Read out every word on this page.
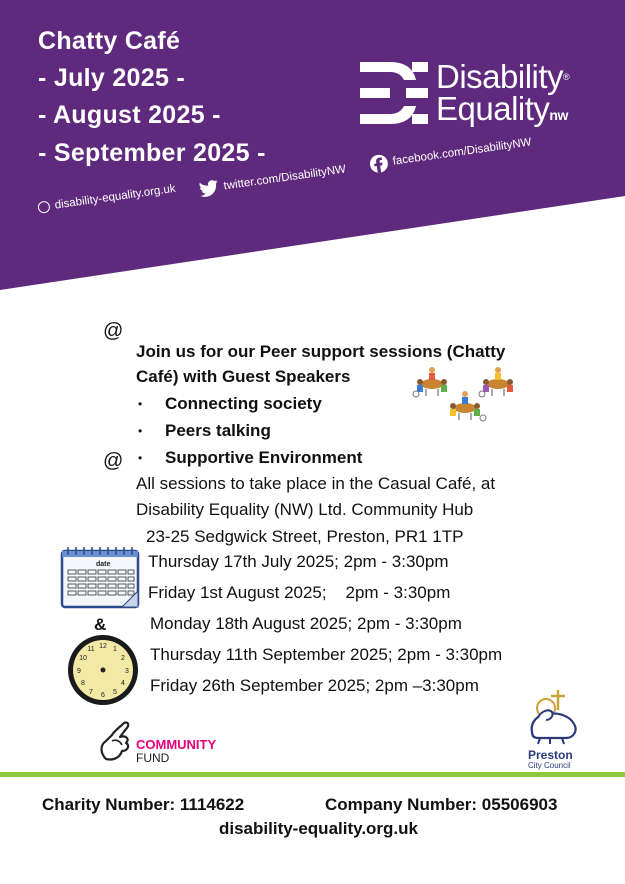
Chatty Café
- July 2025 -
- August 2025 -
- September 2025 -
Disability®
Equalitynw
disability-equality.org.uk
twitter.com/DisabilityNW
facebook.com/DisabilityNW
@
Join us for our Peer support sessions (Chatty
Café) with Guest Speakers
• Connecting society
• Peers talking
@ • Supportive Environment
All sessions to take place in the Casual Café, at
Disability Equality (NW) Ltd. Community Hub
23-25 Sedgwick Street, Preston, PR1 1TP
date
&
12 1
2
3
4
5
6
7
8
9
10
11
Thursday 17th July 2025; 2pm - 3:30pm
Friday 1st August 2025;    2pm - 3:30pm
Monday 18th August 2025; 2pm - 3:30pm
Thursday 11th September 2025; 2pm - 3:30pm
Friday 26th September 2025; 2pm –3:30pm
COMMUNITY
FUND	Preston
City Council
Charity Number: 1114622	Company Number: 05506903
disability-equality.org.uk
